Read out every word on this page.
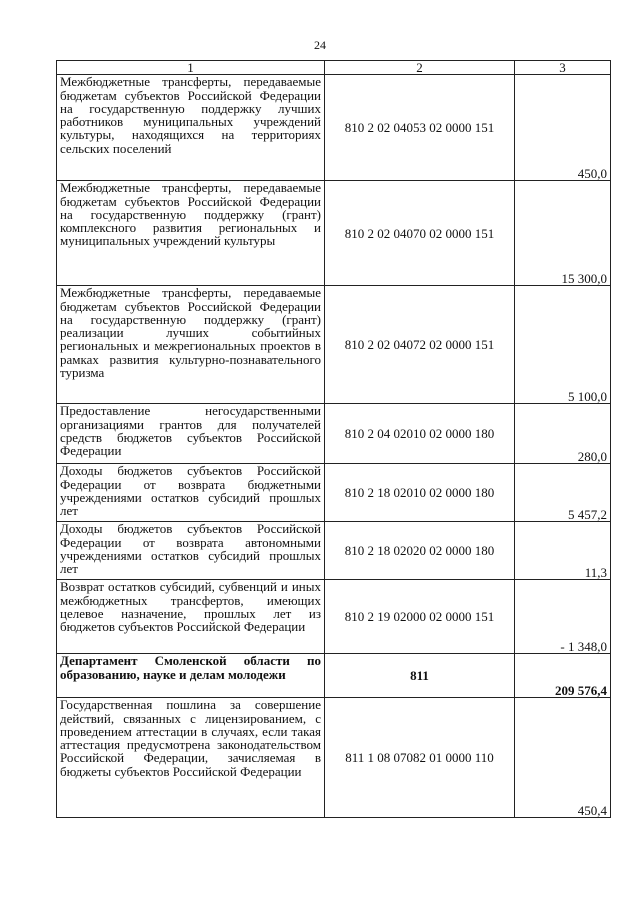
24
1	2	3
Межбюджетные трансферты, передаваемые бюджетам субъектов Российской Федерации на государственную поддержку лучших работников муниципальных учреждений культуры, находящихся на территориях сельских поселений	810 2 02 04053 02 0000 151	450,0
Межбюджетные трансферты, передаваемые бюджетам субъектов Российской Федерации на государственную поддержку (грант) комплексного развития региональных и муниципальных учреждений культуры	810 2 02 04070 02 0000 151	15 300,0
Межбюджетные трансферты, передаваемые бюджетам субъектов Российской Федерации на государственную поддержку (грант) реализации лучших событийных региональных и межрегиональных проектов в рамках развития культурно-познавательного туризма	810 2 02 04072 02 0000 151	5 100,0
Предоставление негосударственными организациями грантов для получателей средств бюджетов субъектов Российской Федерации	810 2 04 02010 02 0000 180	280,0
Доходы бюджетов субъектов Российской Федерации от возврата бюджетными учреждениями остатков субсидий прошлых лет	810 2 18 02010 02 0000 180	5 457,2
Доходы бюджетов субъектов Российской Федерации от возврата автономными учреждениями остатков субсидий прошлых лет	810 2 18 02020 02 0000 180	11,3
Возврат остатков субсидий, субвенций и иных межбюджетных трансфертов, имеющих целевое назначение, прошлых лет из бюджетов субъектов Российской Федерации	810 2 19 02000 02 0000 151	- 1 348,0
Департамент Смоленской области по образованию, науке и делам молодежи	811	209 576,4
Государственная пошлина за совершение действий, связанных с лицензированием, с проведением аттестации в случаях, если такая аттестация предусмотрена законодательством Российской Федерации, зачисляемая в бюджеты субъектов Российской Федерации	811 1 08 07082 01 0000 110	450,4
